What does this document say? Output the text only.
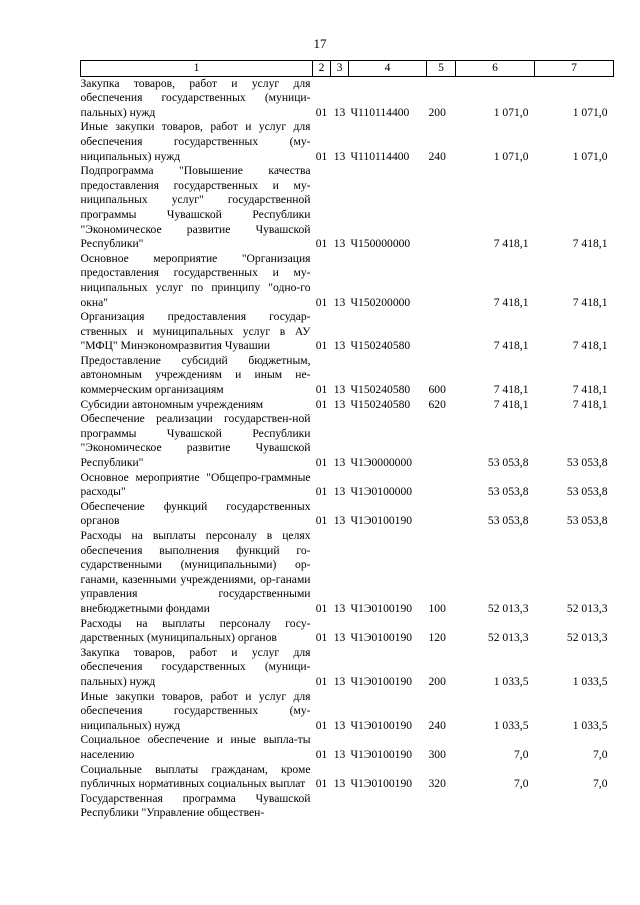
17
1	2	3	4	5	6	7
Закупка товаров, работ и услуг для обеспечения государственных (муници-пальных) нужд	01	13	Ч110114400	200	1 071,0	1 071,0
Иные закупки товаров, работ и услуг для обеспечения государственных (му-ниципальных) нужд	01	13	Ч110114400	240	1 071,0	1 071,0
Подпрограмма "Повышение качества предоставления государственных и му-ниципальных услуг" государственной программы Чувашской Республики "Экономическое развитие Чувашской Республики"	01	13	Ч150000000		7 418,1	7 418,1
Основное мероприятие "Организация предоставления государственных и му-ниципальных услуг по принципу "одно-го окна"	01	13	Ч150200000		7 418,1	7 418,1
Организация предоставления государ-ственных и муниципальных услуг в АУ "МФЦ" Минэкономразвития Чувашии	01	13	Ч150240580		7 418,1	7 418,1
Предоставление субсидий бюджетным, автономным учреждениям и иным не-коммерческим организациям	01	13	Ч150240580	600	7 418,1	7 418,1
Субсидии автономным учреждениям	01	13	Ч150240580	620	7 418,1	7 418,1
Обеспечение реализации государствен-ной программы Чувашской Республики "Экономическое развитие Чувашской Республики"	01	13	Ч1Э0000000		53 053,8	53 053,8
Основное мероприятие "Общепро-граммные расходы"	01	13	Ч1Э0100000		53 053,8	53 053,8
Обеспечение функций государственных органов	01	13	Ч1Э0100190		53 053,8	53 053,8
Расходы на выплаты персоналу в целях обеспечения выполнения функций го-сударственными (муниципальными) ор-ганами, казенными учреждениями, ор-ганами управления государственными внебюджетными фондами	01	13	Ч1Э0100190	100	52 013,3	52 013,3
Расходы на выплаты персоналу госу-дарственных (муниципальных) органов	01	13	Ч1Э0100190	120	52 013,3	52 013,3
Закупка товаров, работ и услуг для обеспечения государственных (муници-пальных) нужд	01	13	Ч1Э0100190	200	1 033,5	1 033,5
Иные закупки товаров, работ и услуг для обеспечения государственных (му-ниципальных) нужд	01	13	Ч1Э0100190	240	1 033,5	1 033,5
Социальное обеспечение и иные выпла-ты населению	01	13	Ч1Э0100190	300	7,0	7,0
Социальные выплаты гражданам, кроме публичных нормативных социальных выплат	01	13	Ч1Э0100190	320	7,0	7,0
Государственная программа Чувашской Республики "Управление обществен-						
